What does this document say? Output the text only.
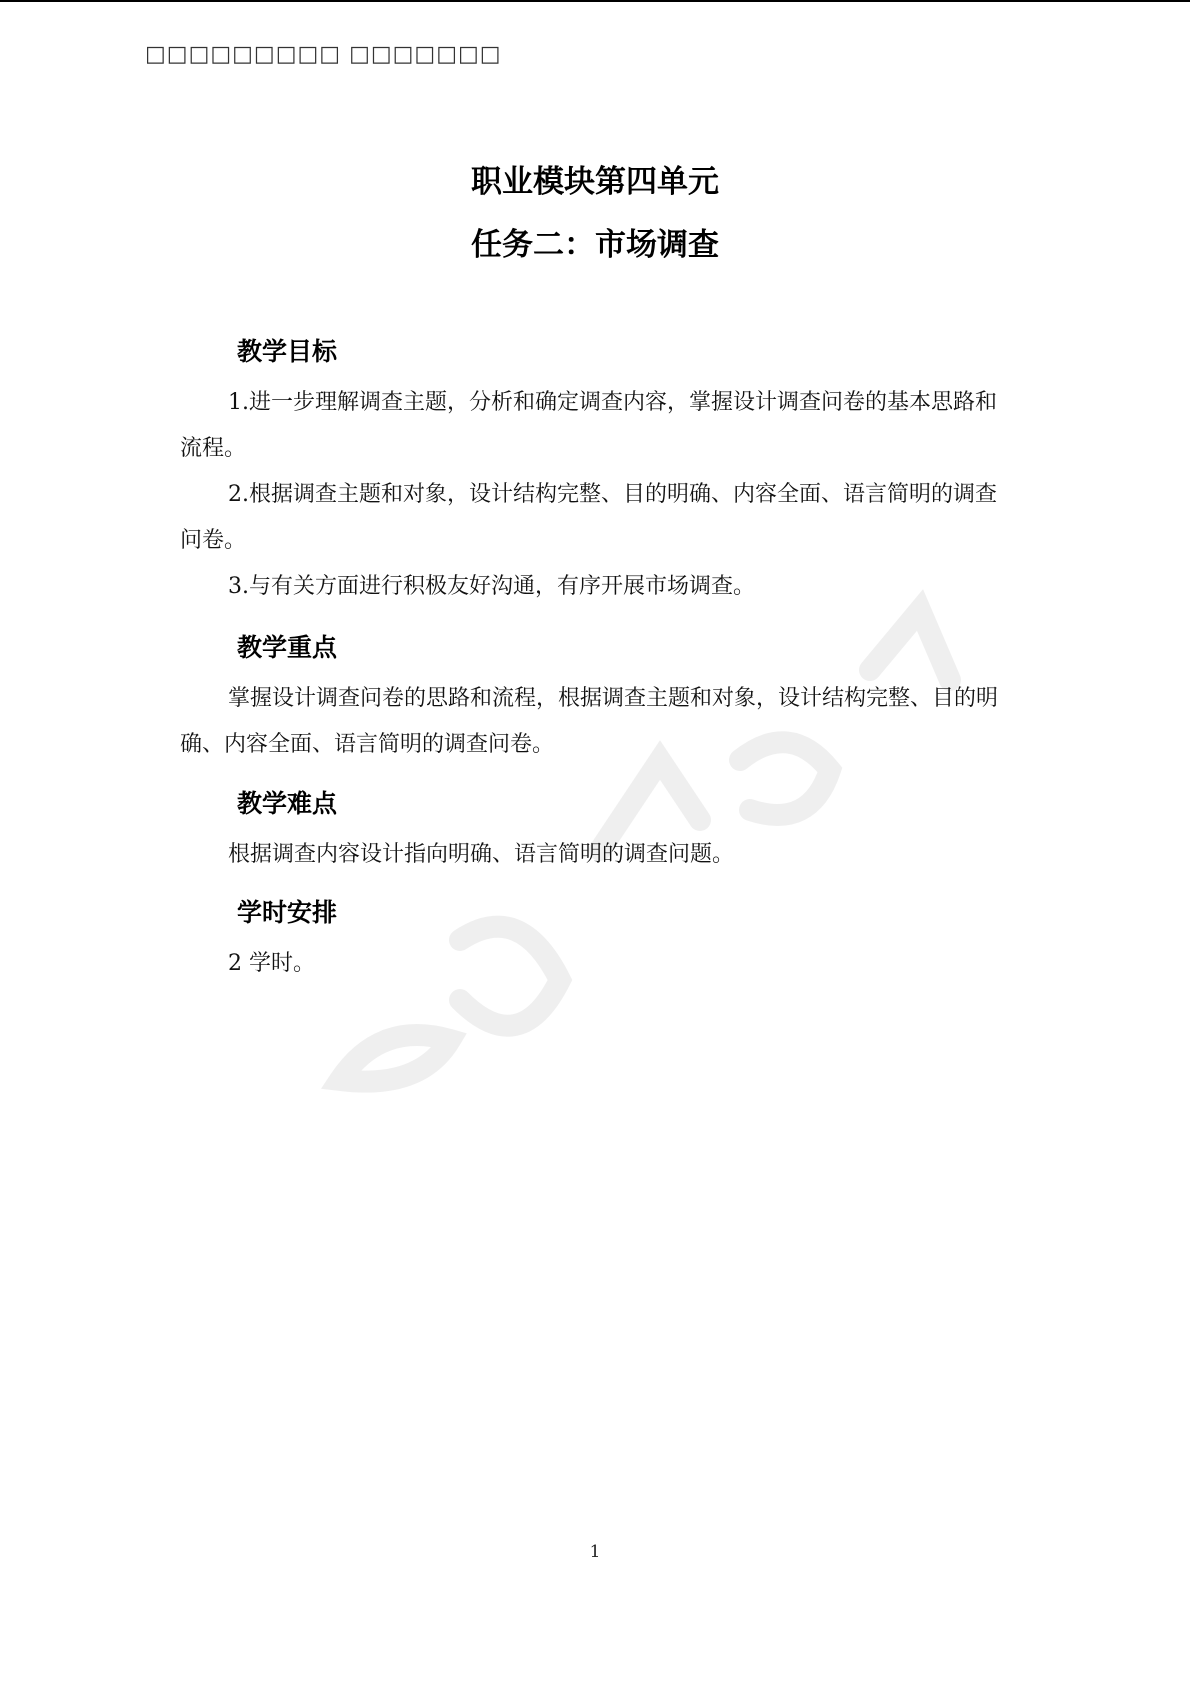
□□□□□□□□□ □□□□□□□
职业模块第四单元
任务二：市场调查
教学目标

1.进一步理解调查主题，分析和确定调查内容，掌握设计调查问卷的基本思路和流程。

2.根据调查主题和对象，设计结构完整、目的明确、内容全面、语言简明的调查问卷。

3.与有关方面进行积极友好沟通，有序开展市场调查。

教学重点

掌握设计调查问卷的思路和流程，根据调查主题和对象，设计结构完整、目的明确、内容全面、语言简明的调查问卷。

教学难点

根据调查内容设计指向明确、语言简明的调查问题。

学时安排

2 学时。

1
